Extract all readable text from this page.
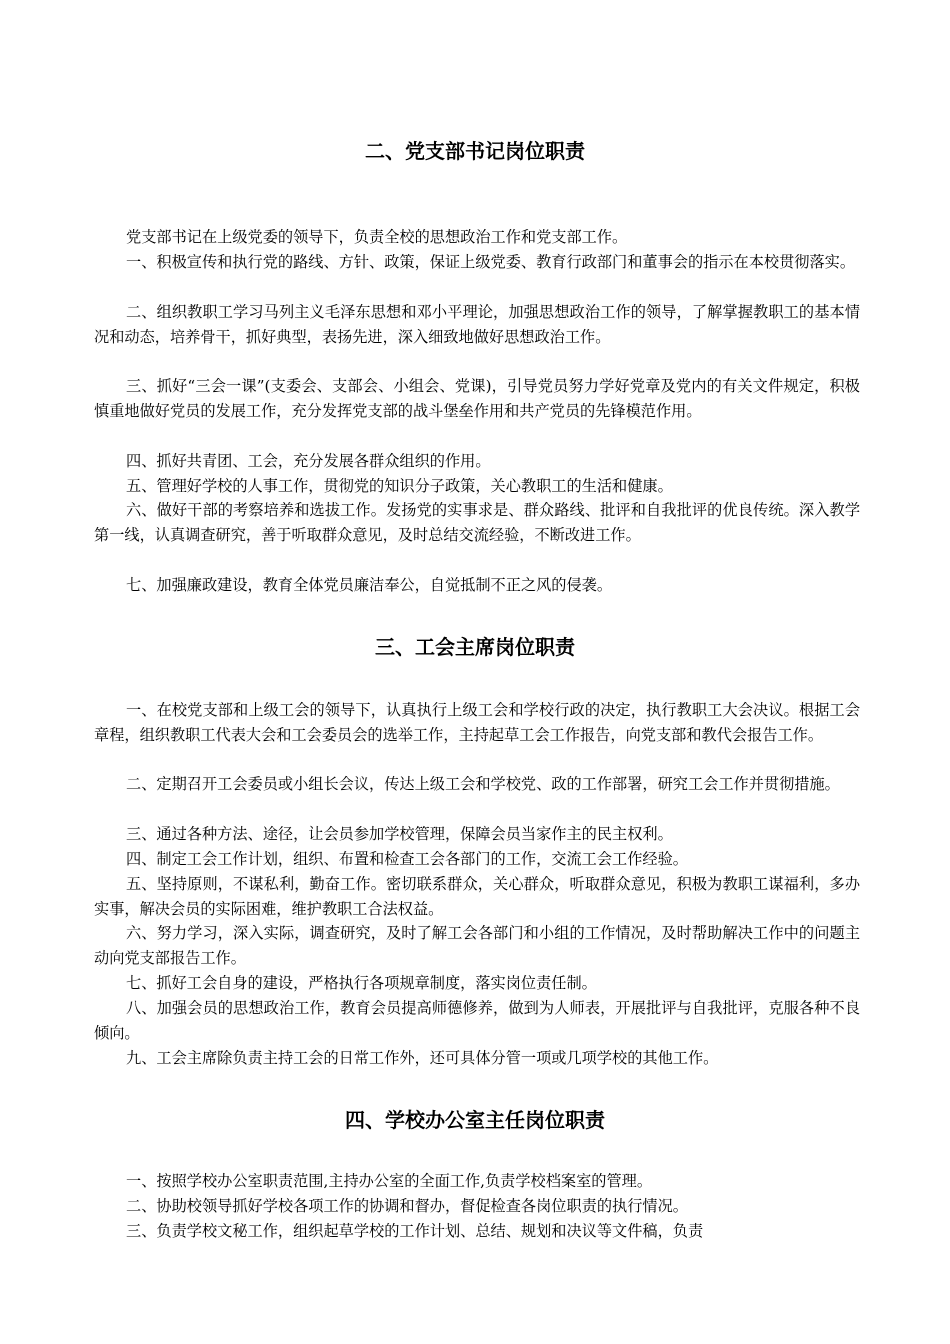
二、党支部书记岗位职责

党支部书记在上级党委的领导下，负责全校的思想政治工作和党支部工作。

一、积极宣传和执行党的路线、方针、政策，保证上级党委、教育行政部门和董事会的指示在本校贯彻落实。

二、组织教职工学习马列主义毛泽东思想和邓小平理论，加强思想政治工作的领导，了解掌握教职工的基本情况和动态，培养骨干，抓好典型，表扬先进，深入细致地做好思想政治工作。

三、抓好“三会一课”(支委会、支部会、小组会、党课)，引导党员努力学好党章及党内的有关文件规定，积极慎重地做好党员的发展工作，充分发挥党支部的战斗堡垒作用和共产党员的先锋模范作用。

四、抓好共青团、工会，充分发展各群众组织的作用。

五、管理好学校的人事工作，贯彻党的知识分子政策，关心教职工的生活和健康。

六、做好干部的考察培养和选拔工作。发扬党的实事求是、群众路线、批评和自我批评的优良传统。深入教学第一线，认真调查研究，善于听取群众意见，及时总结交流经验，不断改进工作。

七、加强廉政建设，教育全体党员廉洁奉公，自觉抵制不正之风的侵袭。

三、工会主席岗位职责

一、在校党支部和上级工会的领导下，认真执行上级工会和学校行政的决定，执行教职工大会决议。根据工会章程，组织教职工代表大会和工会委员会的选举工作，主持起草工会工作报告，向党支部和教代会报告工作。

二、定期召开工会委员或小组长会议，传达上级工会和学校党、政的工作部署，研究工会工作并贯彻措施。

三、通过各种方法、途径，让会员参加学校管理，保障会员当家作主的民主权利。

四、制定工会工作计划，组织、布置和检查工会各部门的工作，交流工会工作经验。

五、坚持原则，不谋私利，勤奋工作。密切联系群众，关心群众，听取群众意见，积极为教职工谋福利，多办实事，解决会员的实际困难，维护教职工合法权益。

六、努力学习，深入实际，调查研究，及时了解工会各部门和小组的工作情况，及时帮助解决工作中的问题主动向党支部报告工作。

七、抓好工会自身的建设，严格执行各项规章制度，落实岗位责任制。

八、加强会员的思想政治工作，教育会员提高师德修养，做到为人师表，开展批评与自我批评，克服各种不良倾向。

九、工会主席除负责主持工会的日常工作外，还可具体分管一项或几项学校的其他工作。

四、学校办公室主任岗位职责

一、按照学校办公室职责范围,主持办公室的全面工作,负责学校档案室的管理。

二、协助校领导抓好学校各项工作的协调和督办，督促检查各岗位职责的执行情况。

三、负责学校文秘工作，组织起草学校的工作计划、总结、规划和决议等文件稿，负责
